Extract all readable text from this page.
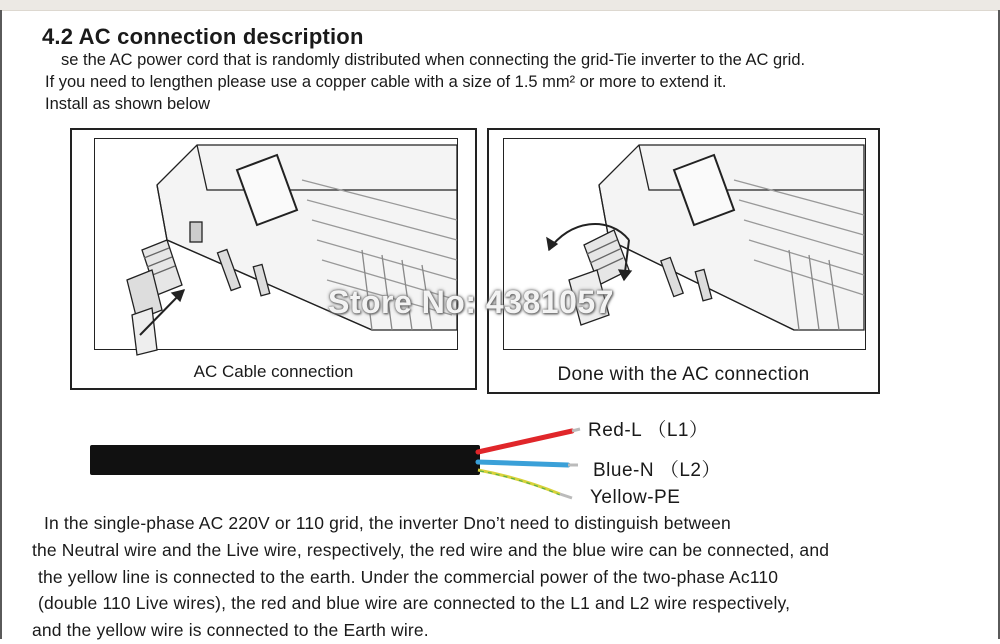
4.2 AC connection description
se the AC power cord that is randomly distributed when connecting the grid-Tie inverter to the AC grid.
If you need to lengthen please use a copper cable with a size of 1.5 mm² or more to extend it.
Install as shown below
AC Cable connection	Done with the AC connection
Store No: 4381057
Red-L （L1）
Blue-N （L2）
Yellow-PE
In the single-phase AC 220V or 110 grid, the inverter Dno’t need to distinguish between
the Neutral wire and the Live wire, respectively, the red wire and the blue wire can be connected, and
the yellow line is connected to the earth. Under the commercial power of the two-phase Ac110
(double 110 Live wires), the red and blue wire are connected to the L1 and L2 wire respectively,
and the yellow wire is connected to the Earth wire.
